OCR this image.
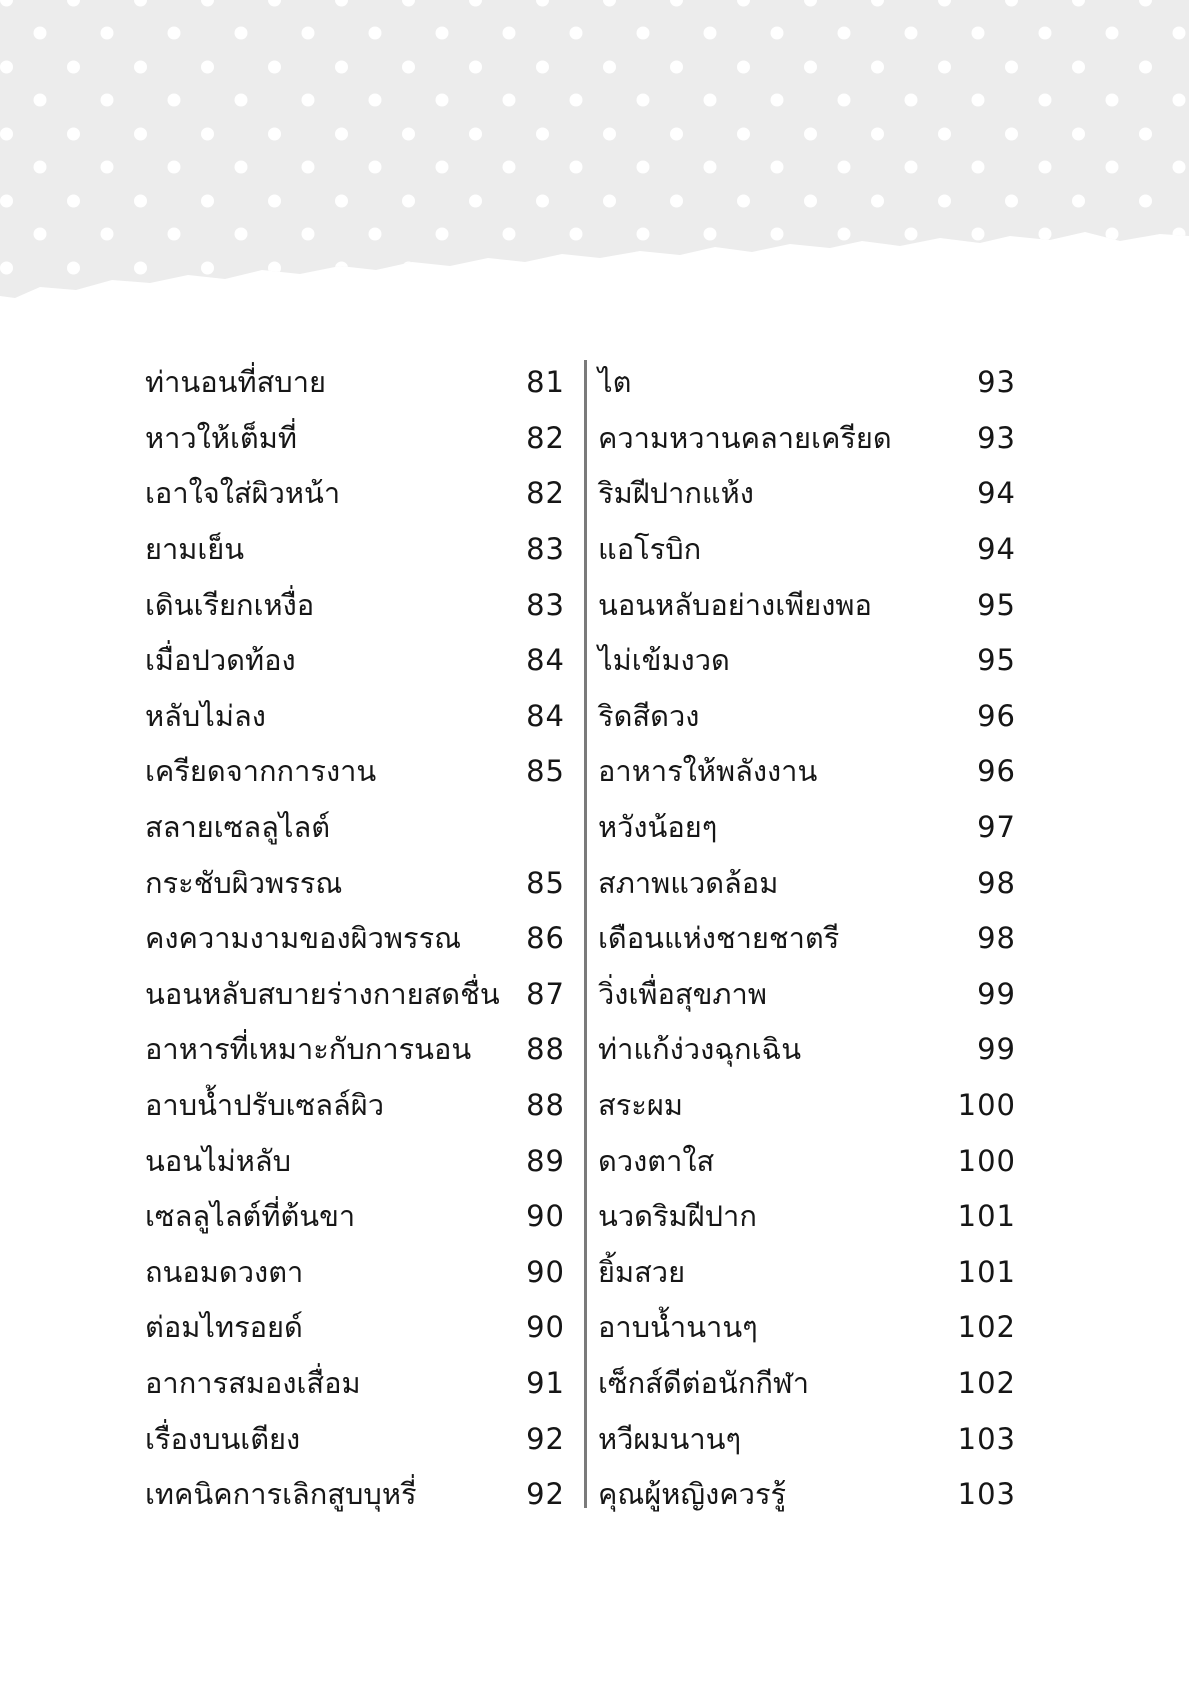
ท่านอนที่สบาย	81
หาวให้เต็มที่	82
เอาใจใส่ผิวหน้า	82
ยามเย็น	83
เดินเรียกเหงื่อ	83
เมื่อปวดท้อง	84
หลับไม่ลง	84
เครียดจากการงาน	85
สลายเซลลูไลต์
กระชับผิวพรรณ	85
คงความงามของผิวพรรณ	86
นอนหลับสบายร่างกายสดชื่น 87
อาหารที่เหมาะกับการนอน	88
อาบน้ำปรับเซลล์ผิว	88
นอนไม่หลับ	89
เซลลูไลต์ที่ต้นขา	90
ถนอมดวงตา	90
ต่อมไทรอยด์	90
อาการสมองเสื่อม	91
เรื่องบนเตียง	92
เทคนิคการเลิกสูบบุหรี่	92
ไต	93
ความหวานคลายเครียด	93
ริมฝีปากแห้ง	94
แอโรบิก	94
นอนหลับอย่างเพียงพอ	95
ไม่เข้มงวด	95
ริดสีดวง	96
อาหารให้พลังงาน	96
หวังน้อยๆ	97
สภาพแวดล้อม	98
เดือนแห่งชายชาตรี	98
วิ่งเพื่อสุขภาพ	99
ท่าแก้ง่วงฉุกเฉิน	99
สระผม	100
ดวงตาใส	100
นวดริมฝีปาก	101
ยิ้มสวย	101
อาบน้ำนานๆ	102
เซ็กส์ดีต่อนักกีฬา	102
หวีผมนานๆ	103
คุณผู้หญิงควรรู้	103
